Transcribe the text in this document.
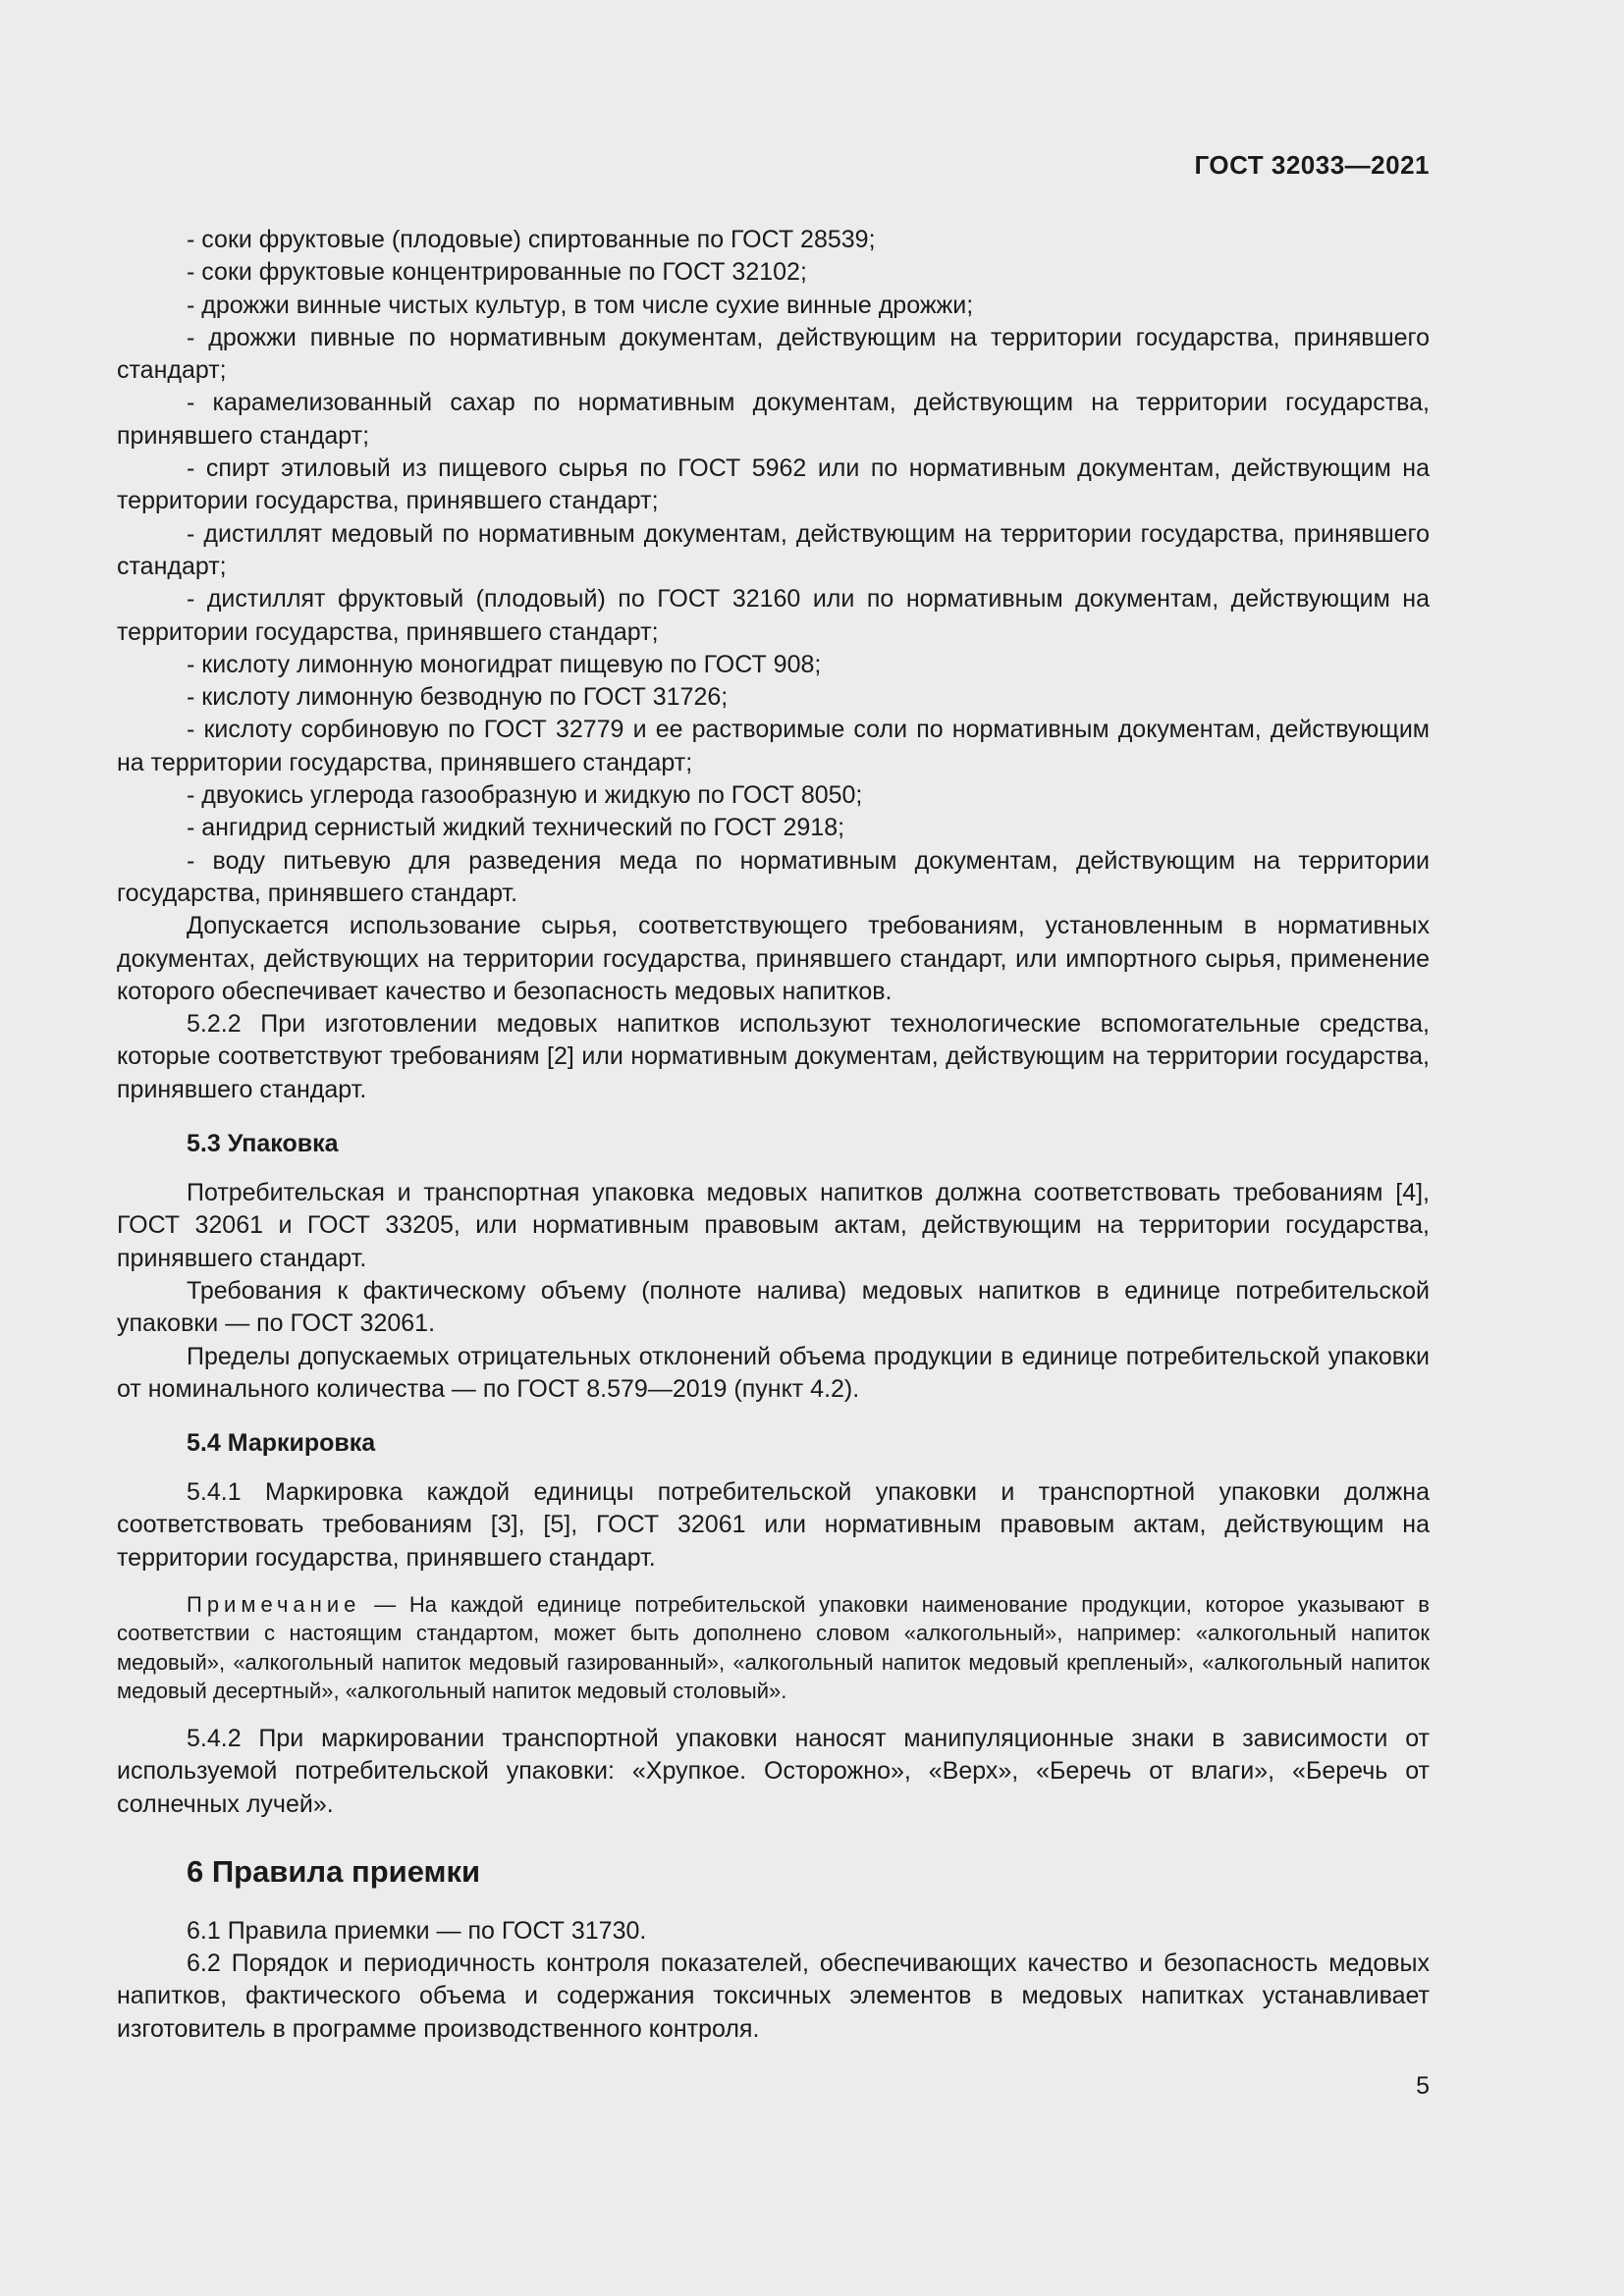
ГОСТ 32033—2021

- соки фруктовые (плодовые) спиртованные по ГОСТ 28539;

- соки фруктовые концентрированные по ГОСТ 32102;

- дрожжи винные чистых культур, в том числе сухие винные дрожжи;

- дрожжи пивные по нормативным документам, действующим на территории государства, принявшего стандарт;

- карамелизованный сахар по нормативным документам, действующим на территории государства, принявшего стандарт;

- спирт этиловый из пищевого сырья по ГОСТ 5962 или по нормативным документам, действующим на территории государства, принявшего стандарт;

- дистиллят медовый по нормативным документам, действующим на территории государства, принявшего стандарт;

- дистиллят фруктовый (плодовый) по ГОСТ 32160 или по нормативным документам, действующим на территории государства, принявшего стандарт;

- кислоту лимонную моногидрат пищевую по ГОСТ 908;

- кислоту лимонную безводную по ГОСТ 31726;

- кислоту сорбиновую по ГОСТ 32779 и ее растворимые соли по нормативным документам, действующим на территории государства, принявшего стандарт;

- двуокись углерода газообразную и жидкую по ГОСТ 8050;

- ангидрид сернистый жидкий технический по ГОСТ 2918;

- воду питьевую для разведения меда по нормативным документам, действующим на территории государства, принявшего стандарт.

Допускается использование сырья, соответствующего требованиям, установленным в нормативных документах, действующих на территории государства, принявшего стандарт, или импортного сырья, применение которого обеспечивает качество и безопасность медовых напитков.

5.2.2 При изготовлении медовых напитков используют технологические вспомогательные средства, которые соответствуют требованиям [2] или нормативным документам, действующим на территории государства, принявшего стандарт.

5.3 Упаковка

Потребительская и транспортная упаковка медовых напитков должна соответствовать требованиям [4], ГОСТ 32061 и ГОСТ 33205, или нормативным правовым актам, действующим на территории государства, принявшего стандарт.

Требования к фактическому объему (полноте налива) медовых напитков в единице потребительской упаковки — по ГОСТ 32061.

Пределы допускаемых отрицательных отклонений объема продукции в единице потребительской упаковки от номинального количества — по ГОСТ 8.579—2019 (пункт 4.2).

5.4 Маркировка

5.4.1 Маркировка каждой единицы потребительской упаковки и транспортной упаковки должна соответствовать требованиям [3], [5], ГОСТ 32061 или нормативным правовым актам, действующим на территории государства, принявшего стандарт.

Примечание — На каждой единице потребительской упаковки наименование продукции, которое указывают в соответствии с настоящим стандартом, может быть дополнено словом «алкогольный», например: «алкогольный напиток медовый», «алкогольный напиток медовый газированный», «алкогольный напиток медовый крепленый», «алкогольный напиток медовый десертный», «алкогольный напиток медовый столовый».

5.4.2 При маркировании транспортной упаковки наносят манипуляционные знаки в зависимости от используемой потребительской упаковки: «Хрупкое. Осторожно», «Верх», «Беречь от влаги», «Беречь от солнечных лучей».

6 Правила приемки

6.1 Правила приемки — по ГОСТ 31730.

6.2 Порядок и периодичность контроля показателей, обеспечивающих качество и безопасность медовых напитков, фактического объема и содержания токсичных элементов в медовых напитках устанавливает изготовитель в программе производственного контроля.

5
